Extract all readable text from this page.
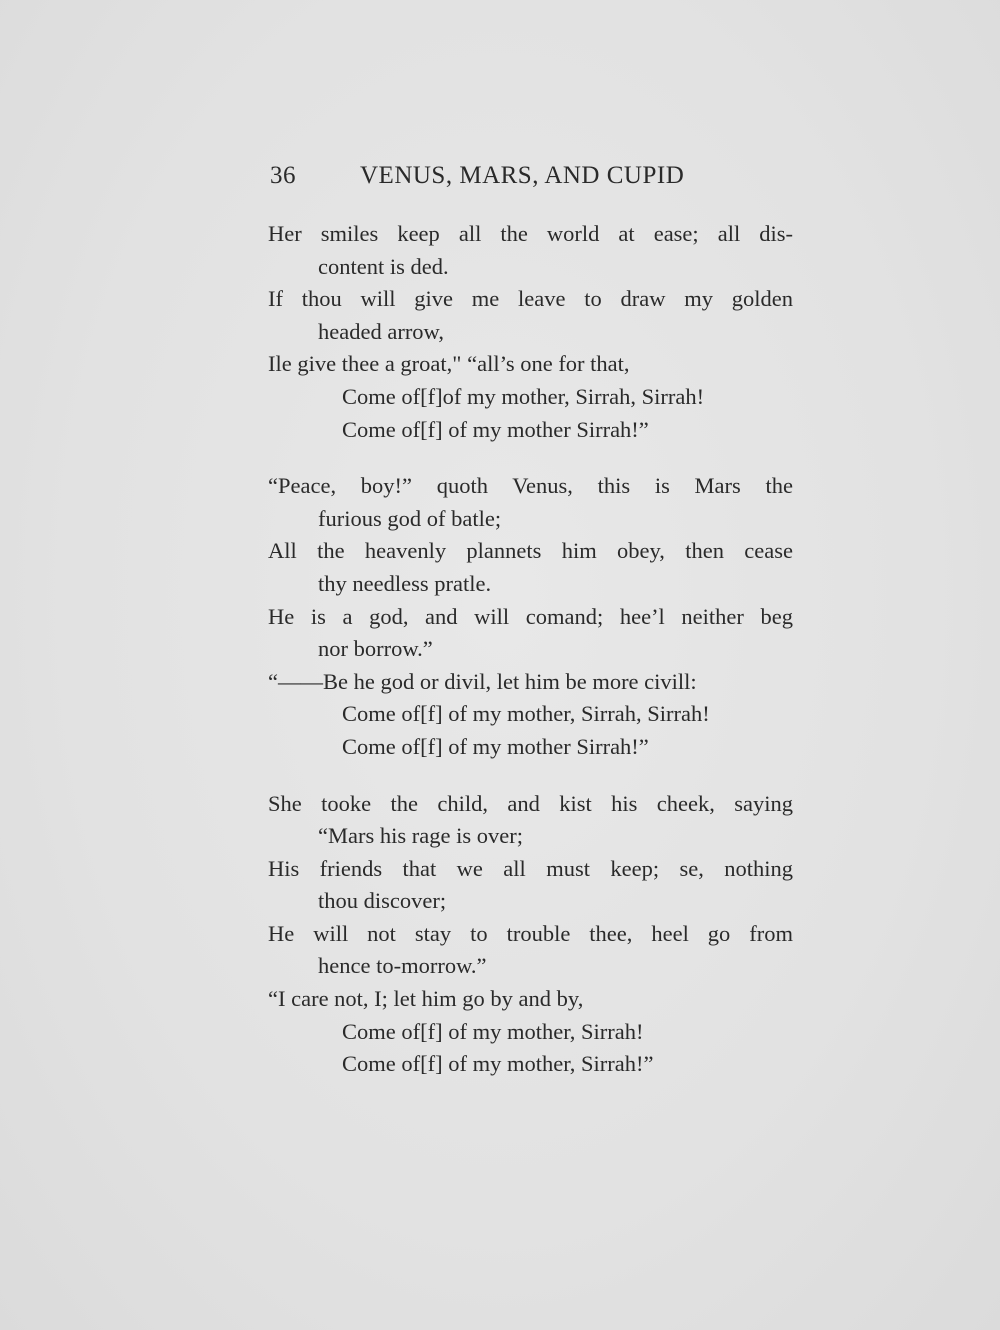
36	VENUS, MARS, AND CUPID
Her smiles keep all the world at ease; all dis-
content is ded.
If thou will give me leave to draw my golden
headed arrow,
Ile give thee a groat," “all’s one for that,
Come of[f]of my mother, Sirrah, Sirrah!
Come of[f] of my mother Sirrah!”
“Peace, boy!” quoth Venus, this is Mars the
furious god of batle;
All the heavenly plannets him obey, then cease
thy needless pratle.
He is a god, and will comand; hee’l neither beg
nor borrow.”
“——Be he god or divil, let him be more civill:
Come of[f] of my mother, Sirrah, Sirrah!
Come of[f] of my mother Sirrah!”
She tooke the child, and kist his cheek, saying
“Mars his rage is over;
His friends that we all must keep; se, nothing
thou discover;
He will not stay to trouble thee, heel go from
hence to-morrow.”
“I care not, I; let him go by and by,
Come of[f] of my mother, Sirrah!
Come of[f] of my mother, Sirrah!”
